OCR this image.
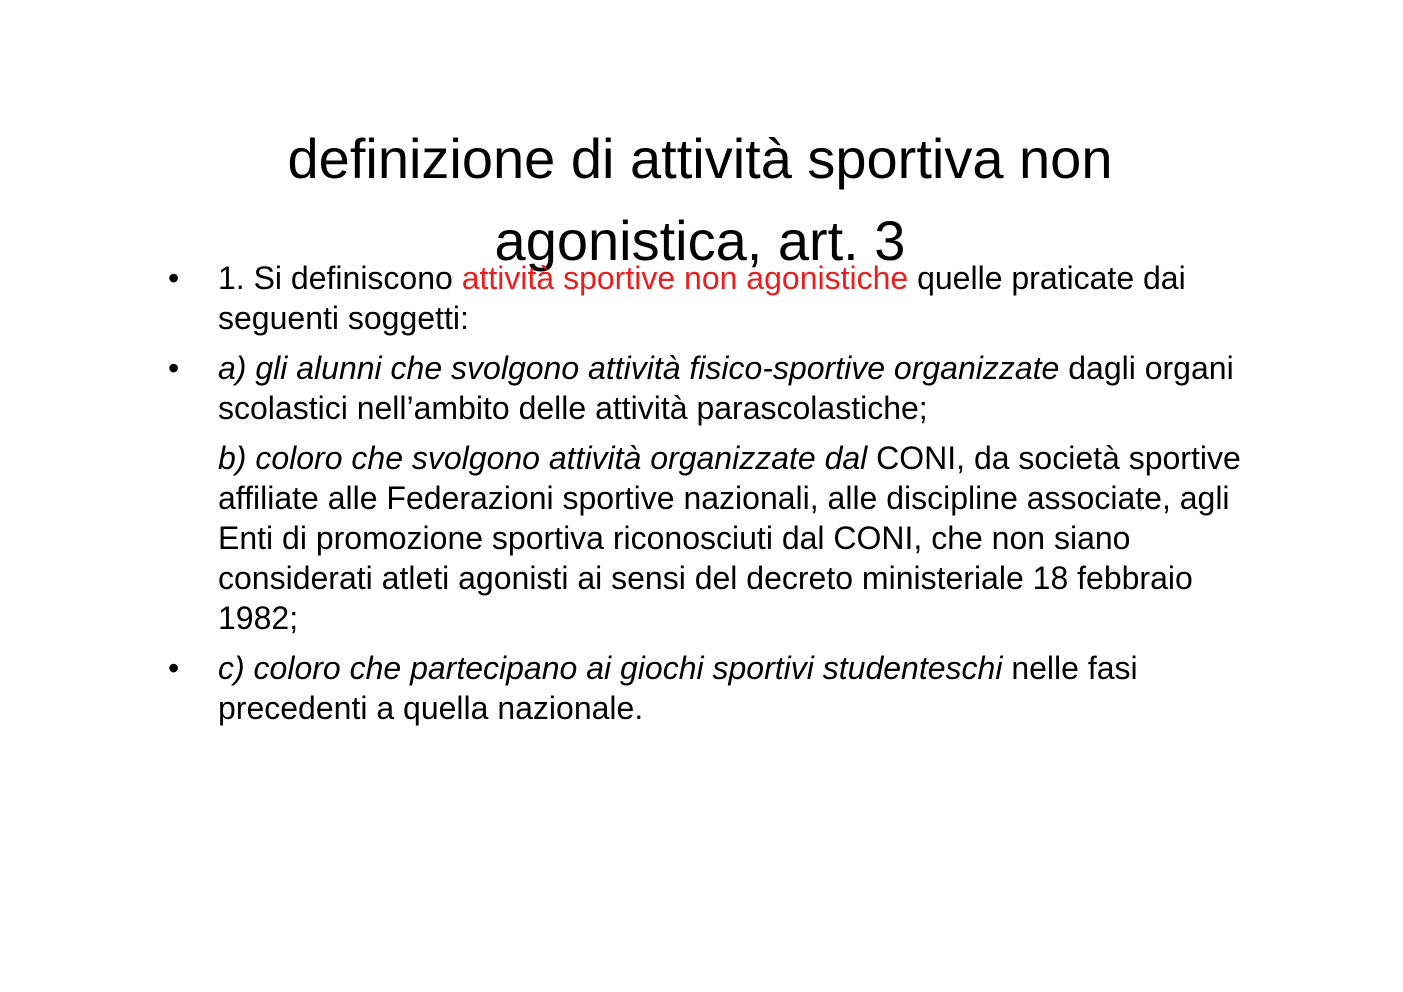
definizione di attività sportiva non
agonistica, art. 3
• 1. Si definiscono attività sportive non agonistiche quelle praticate dai seguenti soggetti:
• a) gli alunni che svolgono attività fisico-sportive organizzate dagli organi scolastici nell’ambito delle attività parascolastiche;
b) coloro che svolgono attività organizzate dal CONI, da società sportive affiliate alle Federazioni sportive nazionali, alle discipline associate, agli Enti di promozione sportiva riconosciuti dal CONI, che non siano considerati atleti agonisti ai sensi del decreto ministeriale 18 febbraio 1982;
• c) coloro che partecipano ai giochi sportivi studenteschi nelle fasi precedenti a quella nazionale.
